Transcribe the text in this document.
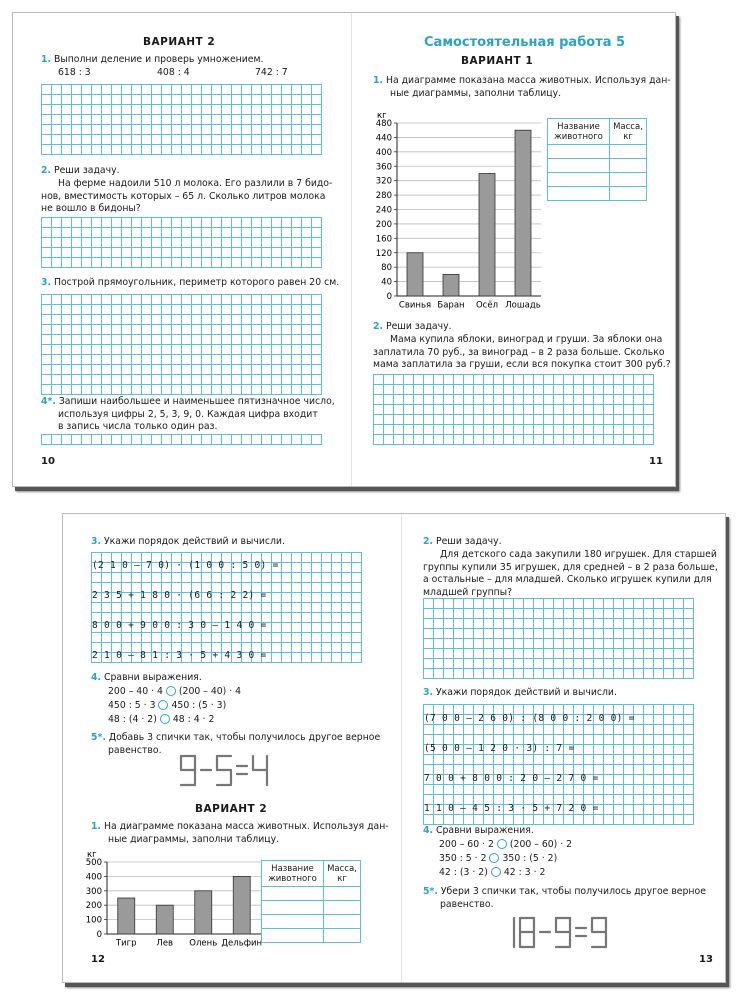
ВАРИАНТ 2
1. Выполни деление и проверь умножением.
618 : 3	408 : 4	742 : 7
2. Реши задачу.
На ферме надоили 510 л молока. Его разлили в 7 бидо-
нов, вместимость которых – 65 л. Сколько литров молока
не вошло в бидоны?
3. Построй прямоугольник, периметр которого равен 20 см.
4*. Запиши наибольшее и наименьшее пятизначное число,
используя цифры 2, 5, 3, 9, 0. Каждая цифра входит
в запись числа только один раз.
10
Самостоятельная работа 5
ВАРИАНТ 1
1. На диаграмме показана масса животных. Используя дан-
ные диаграммы, заполни таблицу.
кг
0
40
80
120
160
200
240
280
320
360
400
440
480
Свинья Баран Осёл Лошадь
Название животного	Масса, кг

2. Реши задачу.
Мама купила яблоки, виноград и груши. За яблоки она
заплатила 70 руб., за виноград – в 2 раза больше. Сколько
мама заплатила за груши, если вся покупка стоит 300 руб.?
11
3. Укажи порядок действий и вычисли.
(2 1 0 – 7 0) · (1 0 0 : 5 0) =
2 3 5 + 1 8 0 · (6 6 : 2 2) =
8 0 0 + 9 0 0 : 3 0 – 1 4 0 =
2 1 0 – 8 1 : 3 · 5 + 4 3 0 =
4. Сравни выражения.
200 – 40 · 4 (200 – 40) · 4
450 : 5 · 3 450 : (5 · 3)
48 : (4 · 2) 48 : 4 · 2
5*. Добавь 3 спички так, чтобы получилось другое верное
равенство.
ВАРИАНТ 2
1. На диаграмме показана масса животных. Используя дан-
ные диаграммы, заполни таблицу.
кг
0
100
200
300
400
500
Тигр Лев Олень Дельфин
Название животного	Масса, кг

12
2. Реши задачу.
Для детского сада закупили 180 игрушек. Для старшей
группы купили 35 игрушек, для средней – в 2 раза больше,
а остальные – для младшей. Сколько игрушек купили для
младшей группы?
3. Укажи порядок действий и вычисли.
(7 0 0 – 2 6 0) : (8 0 0 : 2 0 0) =
(5 0 0 – 1 2 0 · 3) : 7 =
7 0 0 + 8 0 0 : 2 0 – 2 7 0 =
1 1 0 – 4 5 : 3 · 5 + 7 2 0 =
4. Сравни выражения.
200 – 60 · 2 (200 – 60) · 2
350 : 5 · 2 350 : (5 · 2)
42 : (3 · 2) 42 : 3 · 2
5*. Убери 3 спички так, чтобы получилось другое верное
равенство.
13
